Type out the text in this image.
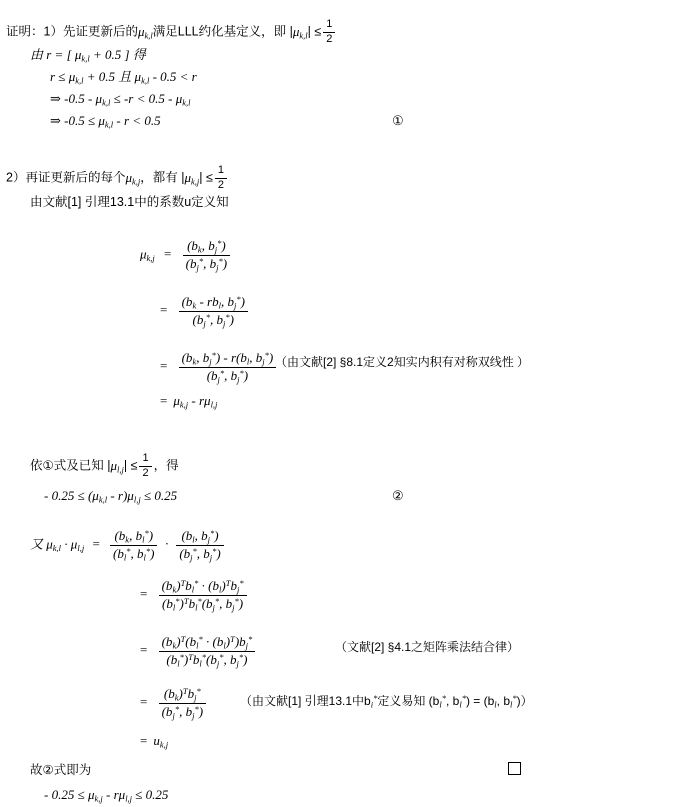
证明：1）先证更新后的$\mu_{k,l}$满足LLL约化基定义，即 $|\mu_{k,l}| \le \frac{1}{2}$
由 r = [ $\mu_{k,l} + 0.5$ ] 得
$r \le \mu_{k,l} + 0.5$ 且 $\mu_{k,l} - 0.5 < r$
⇒ $-0.5 - \mu_{k,l} \le -r < 0.5 - \mu_{k,l}$
⇒ $-0.5 \le \mu_{k,l} - r < 0.5$	①
2）再证更新后的每个$\mu_{k,j}$，都有 $|\mu_{k,j}| \le \frac{1}{2}$
由文献[1] 引理13.1中的系数u定义知
$\mu_{k,j} = \frac{(b_k, b_j^*)}{(b_j^*, b_j^*)}$
= $\frac{(b_k - rb_l, b_j^*)}{(b_j^*, b_j^*)}$
= $\frac{(b_k, b_j^*) - r(b_l, b_j^*)}{(b_j^*, b_j^*)}$
（由文献[2] §8.1定义2知实内积有对称双线性 ）
= $\mu_{k,j} - r\mu_{l,j}$
依①式及已知 $|\mu_{l,j}| \le \frac{1}{2}$ ，得
- $0.25 \le (\mu_{k,l} - r)\mu_{l,j} \le 0.25$	②
又 $\mu_{k,l} \cdot \mu_{l,j} = \frac{(b_k, b_l^*)}{(b_l^*, b_l^*)} \cdot \frac{(b_l, b_j^*)}{(b_j^*, b_j^*)}$
= $\frac{(b_k)^Tb_l^* \cdot (b_l)^Tb_j^*}{(b_l^*)^Tb_l^*(b_j^*, b_j^*)}$
= $\frac{(b_k)^T(b_l^* \cdot (b_l)^T)b_j^*}{(b_l^*)^Tb_l^*(b_j^*, b_j^*)}$	（文献[2] §4.1之矩阵乘法结合律）
= $\frac{(b_k)^Tb_j^*}{(b_j^*, b_j^*)}$	（由文献[1] 引理13.1中$b_i^*$定义易知 ($b_l^*$, $b_l^*) = (b_l$, $b_l^*$)）
= $u_{k,j}$
故②式即为
- $0.25 \le \mu_{k,j} - r\mu_{l,j} \le 0.25$
